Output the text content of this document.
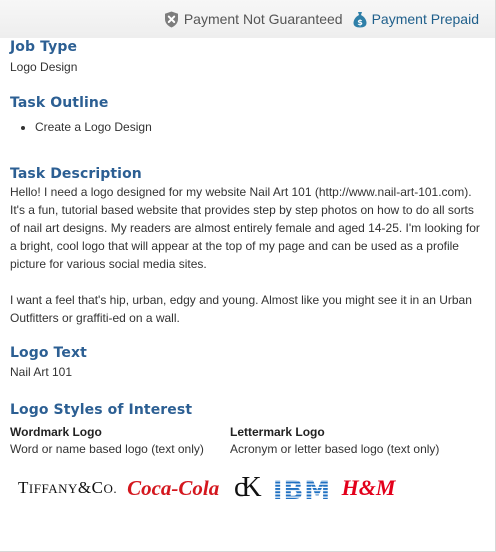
Payment Not Guaranteed $ Payment Prepaid
Job Type

Logo Design

Task Outline
• Create a Logo Design
Task Description

Hello! I need a logo designed for my website Nail Art 101 (http://www.nail-art-101.com). It's a fun, tutorial based website that provides step by step photos on how to do all sorts of nail art designs. My readers are almost entirely female and aged 14-25. I'm looking for a bright, cool logo that will appear at the top of my page and can be used as a profile picture for various social media sites.

I want a feel that's hip, urban, edgy and young. Almost like you might see it in an Urban Outfitters or graffiti-ed on a wall.

Logo Text

Nail Art 101

Logo Styles of Interest
Wordmark Logo

Word or name based logo (text only)

TIFFANY&CO. Coca-Cola
Lettermark Logo

Acronym or letter based logo (text only)

cK IBM H&M
